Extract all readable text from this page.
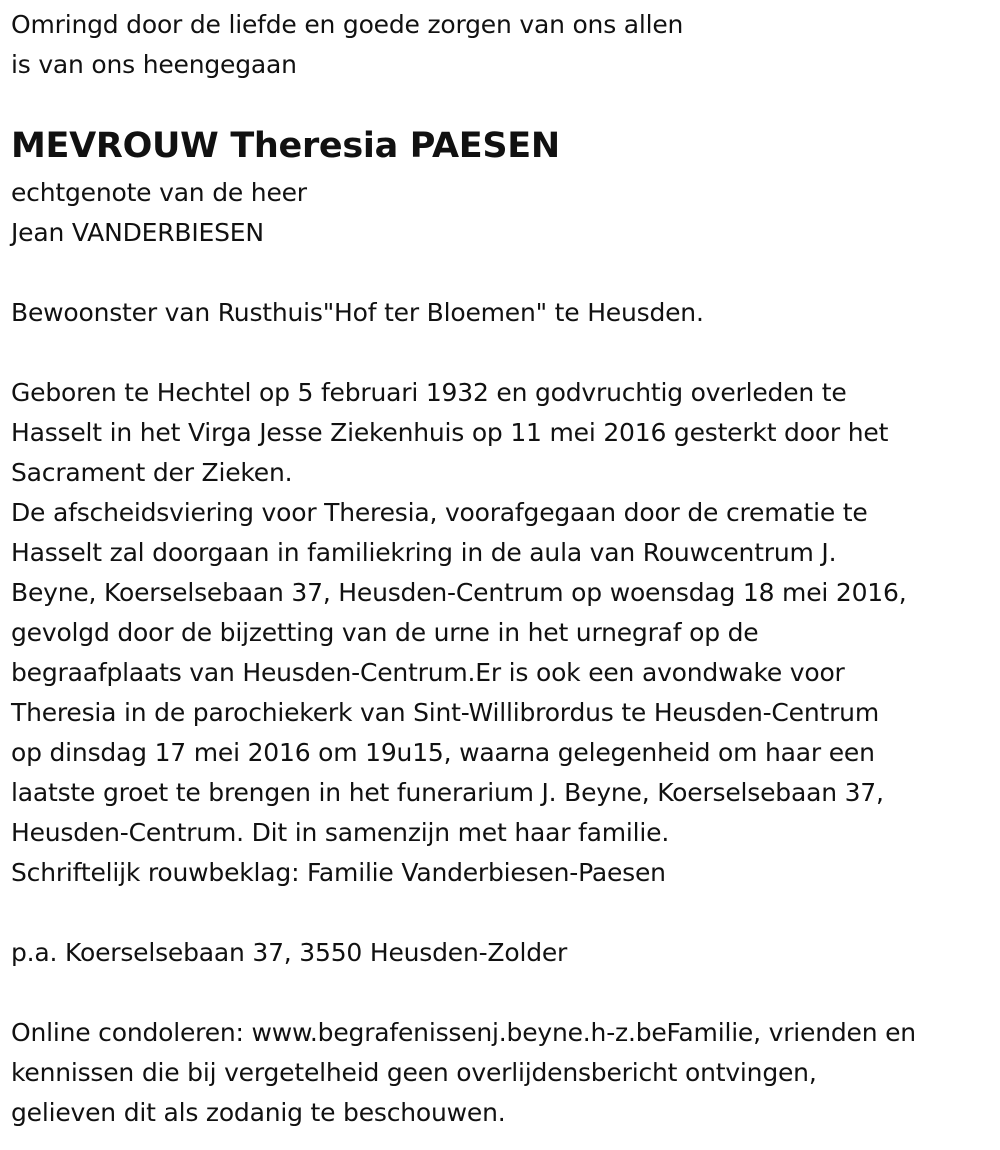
Omringd door de liefde en goede zorgen van ons allen
is van ons heengegaan
MEVROUW Theresia PAESEN
echtgenote van de heer
Jean VANDERBIESEN
Bewoonster van Rusthuis"Hof ter Bloemen" te Heusden.
Geboren te Hechtel op 5 februari 1932 en godvruchtig overleden te
Hasselt in het Virga Jesse Ziekenhuis op 11 mei 2016 gesterkt door het
Sacrament der Zieken.
De afscheidsviering voor Theresia, voorafgegaan door de crematie te
Hasselt zal doorgaan in familiekring in de aula van Rouwcentrum J.
Beyne, Koerselsebaan 37, Heusden-Centrum op woensdag 18 mei 2016,
gevolgd door de bijzetting van de urne in het urnegraf op de
begraafplaats van Heusden-Centrum.Er is ook een avondwake voor
Theresia in de parochiekerk van Sint-Willibrordus te Heusden-Centrum
op dinsdag 17 mei 2016 om 19u15, waarna gelegenheid om haar een
laatste groet te brengen in het funerarium J. Beyne, Koerselsebaan 37,
Heusden-Centrum. Dit in samenzijn met haar familie.
Schriftelijk rouwbeklag: Familie Vanderbiesen-Paesen
p.a. Koerselsebaan 37, 3550 Heusden-Zolder
Online condoleren: www.begrafenissenj.beyne.h-z.beFamilie, vrienden en
kennissen die bij vergetelheid geen overlijdensbericht ontvingen,
gelieven dit als zodanig te beschouwen.
